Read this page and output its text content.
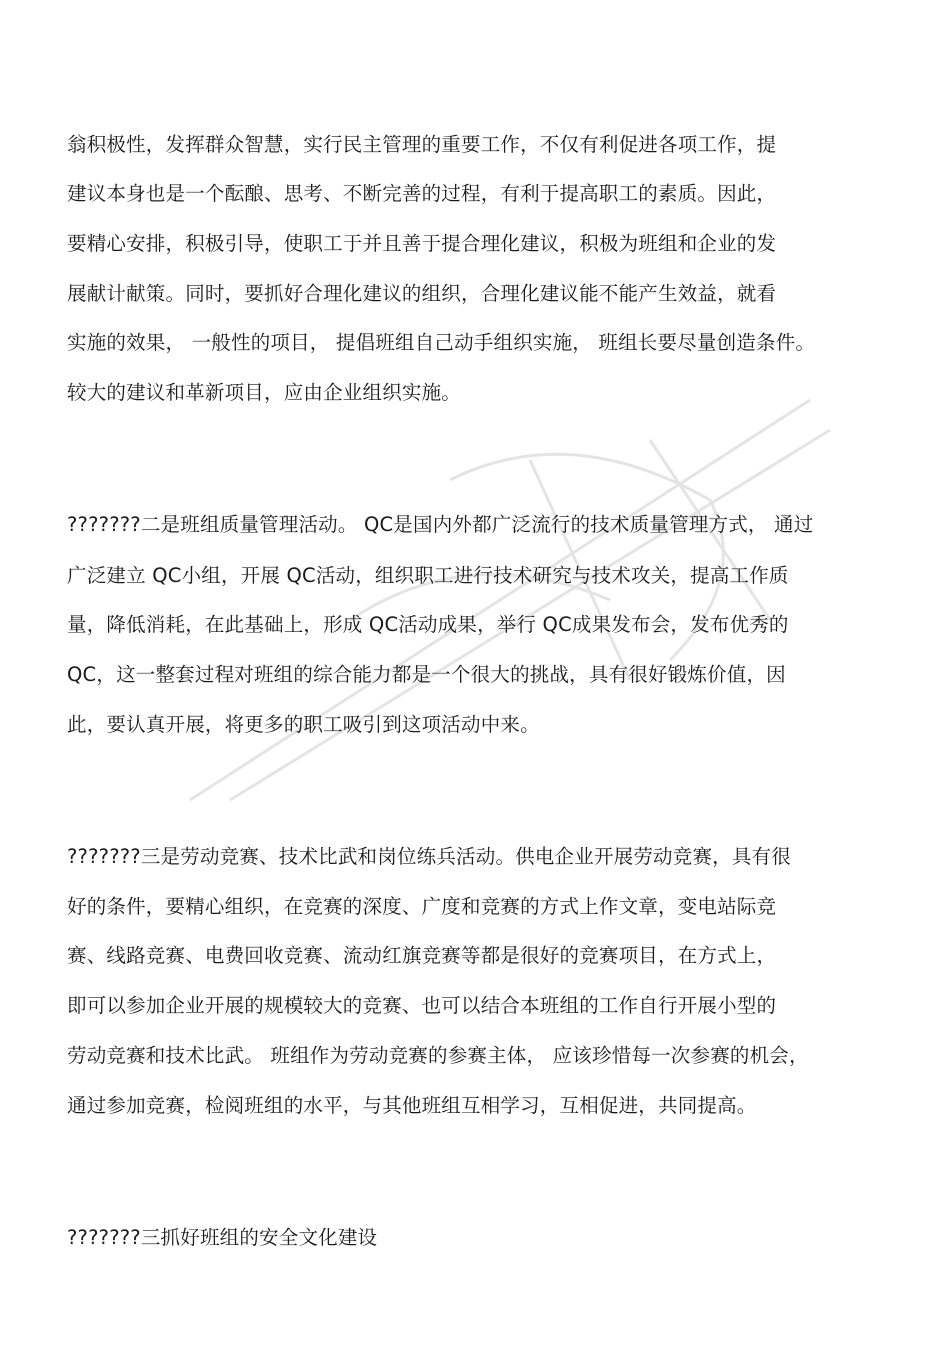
翁积极性，发挥群众智慧，实行民主管理的重要工作，不仅有利促进各项工作，提
建议本身也是一个酝酿、思考、不断完善的过程，有利于提高职工的素质。因此，
要精心安排，积极引导，使职工于并且善于提合理化建议，积极为班组和企业的发
展献计献策。同时，要抓好合理化建议的组织，合理化建议能不能产生效益，就看
实施的效果， 一般性的项目， 提倡班组自己动手组织实施， 班组长要尽量创造条件。
较大的建议和革新项目，应由企业组织实施。
???????二是班组质量管理活动。 QC是国内外都广泛流行的技术质量管理方式， 通过
广泛建立 QC小组，开展 QC活动，组织职工进行技术研究与技术攻关，提高工作质
量，降低消耗，在此基础上，形成 QC活动成果，举行 QC成果发布会，发布优秀的
QC，这一整套过程对班组的综合能力都是一个很大的挑战，具有很好锻炼价值，因
此，要认真开展，将更多的职工吸引到这项活动中来。
???????三是劳动竞赛、技术比武和岗位练兵活动。供电企业开展劳动竞赛，具有很
好的条件，要精心组织，在竞赛的深度、广度和竞赛的方式上作文章，变电站际竞
赛、线路竞赛、电费回收竞赛、流动红旗竞赛等都是很好的竞赛项目，在方式上，
即可以参加企业开展的规模较大的竞赛、也可以结合本班组的工作自行开展小型的
劳动竞赛和技术比武。 班组作为劳动竞赛的参赛主体， 应该珍惜每一次参赛的机会，
通过参加竞赛，检阅班组的水平，与其他班组互相学习，互相促进，共同提高。
???????三抓好班组的安全文化建设
